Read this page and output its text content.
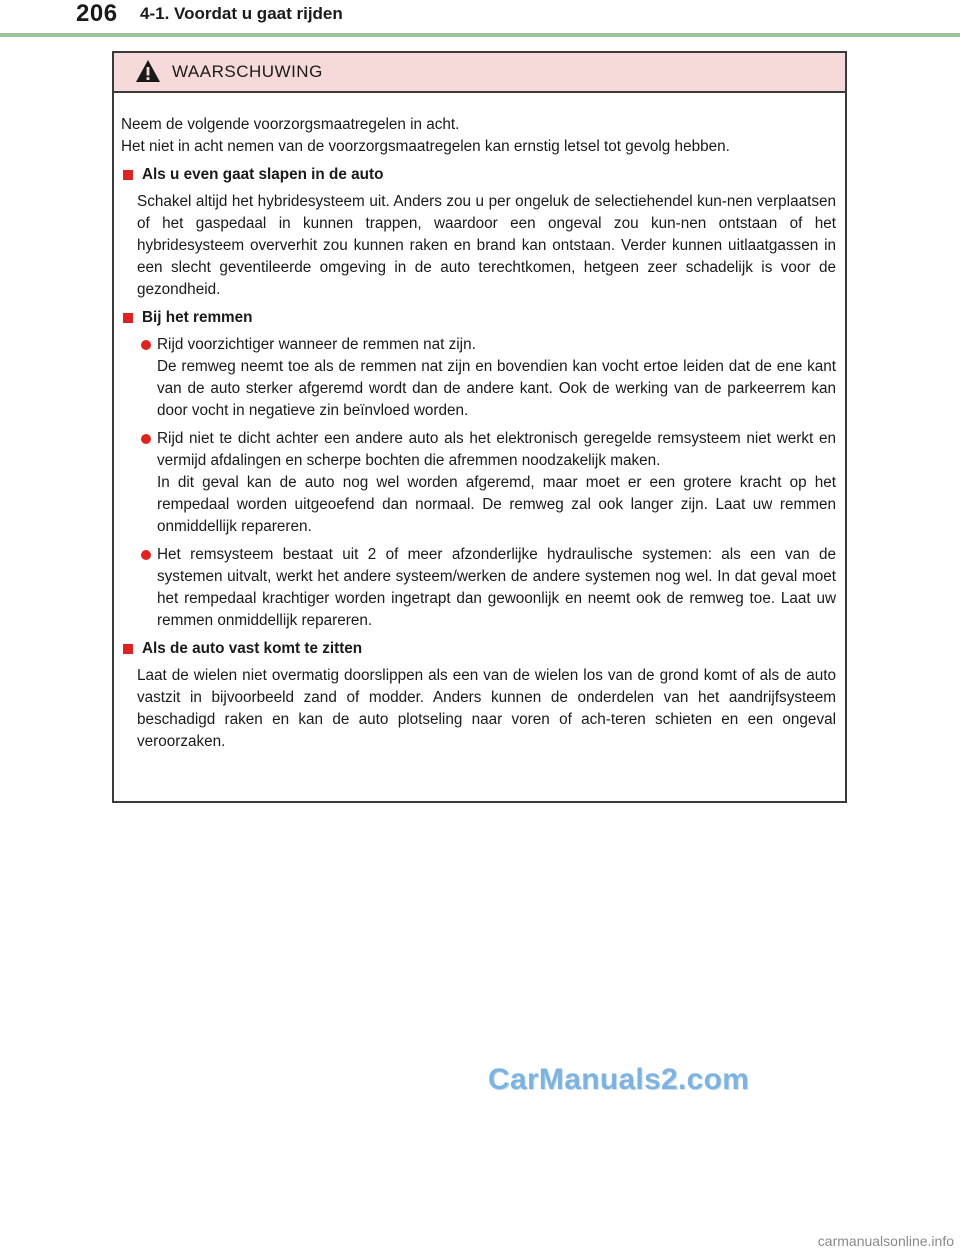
206 4-1. Voordat u gaat rijden
WAARSCHUWING

Neem de volgende voorzorgsmaatregelen in acht.

Het niet in acht nemen van de voorzorgsmaatregelen kan ernstig letsel tot gevolg hebben.

Als u even gaat slapen in de auto

Schakel altijd het hybridesysteem uit. Anders zou u per ongeluk de selectiehendel kun-nen verplaatsen of het gaspedaal in kunnen trappen, waardoor een ongeval zou kun-nen ontstaan of het hybridesysteem oververhit zou kunnen raken en brand kan ontstaan. Verder kunnen uitlaatgassen in een slecht geventileerde omgeving in de auto terechtkomen, hetgeen zeer schadelijk is voor de gezondheid.

Bij het remmen

Rijd voorzichtiger wanneer de remmen nat zijn.

De remweg neemt toe als de remmen nat zijn en bovendien kan vocht ertoe leiden dat de ene kant van de auto sterker afgeremd wordt dan de andere kant. Ook de werking van de parkeerrem kan door vocht in negatieve zin beïnvloed worden.

Rijd niet te dicht achter een andere auto als het elektronisch geregelde remsysteem niet werkt en vermijd afdalingen en scherpe bochten die afremmen noodzakelijk maken.

In dit geval kan de auto nog wel worden afgeremd, maar moet er een grotere kracht op het rempedaal worden uitgeoefend dan normaal. De remweg zal ook langer zijn. Laat uw remmen onmiddellijk repareren.

Het remsysteem bestaat uit 2 of meer afzonderlijke hydraulische systemen: als een van de systemen uitvalt, werkt het andere systeem/werken de andere systemen nog wel. In dat geval moet het rempedaal krachtiger worden ingetrapt dan gewoonlijk en neemt ook de remweg toe. Laat uw remmen onmiddellijk repareren.

Als de auto vast komt te zitten

Laat de wielen niet overmatig doorslippen als een van de wielen los van de grond komt of als de auto vastzit in bijvoorbeeld zand of modder. Anders kunnen de onderdelen van het aandrijfsysteem beschadigd raken en kan de auto plotseling naar voren of ach-teren schieten en een ongeval veroorzaken.

CarManuals2.com
carmanualsonline.info
